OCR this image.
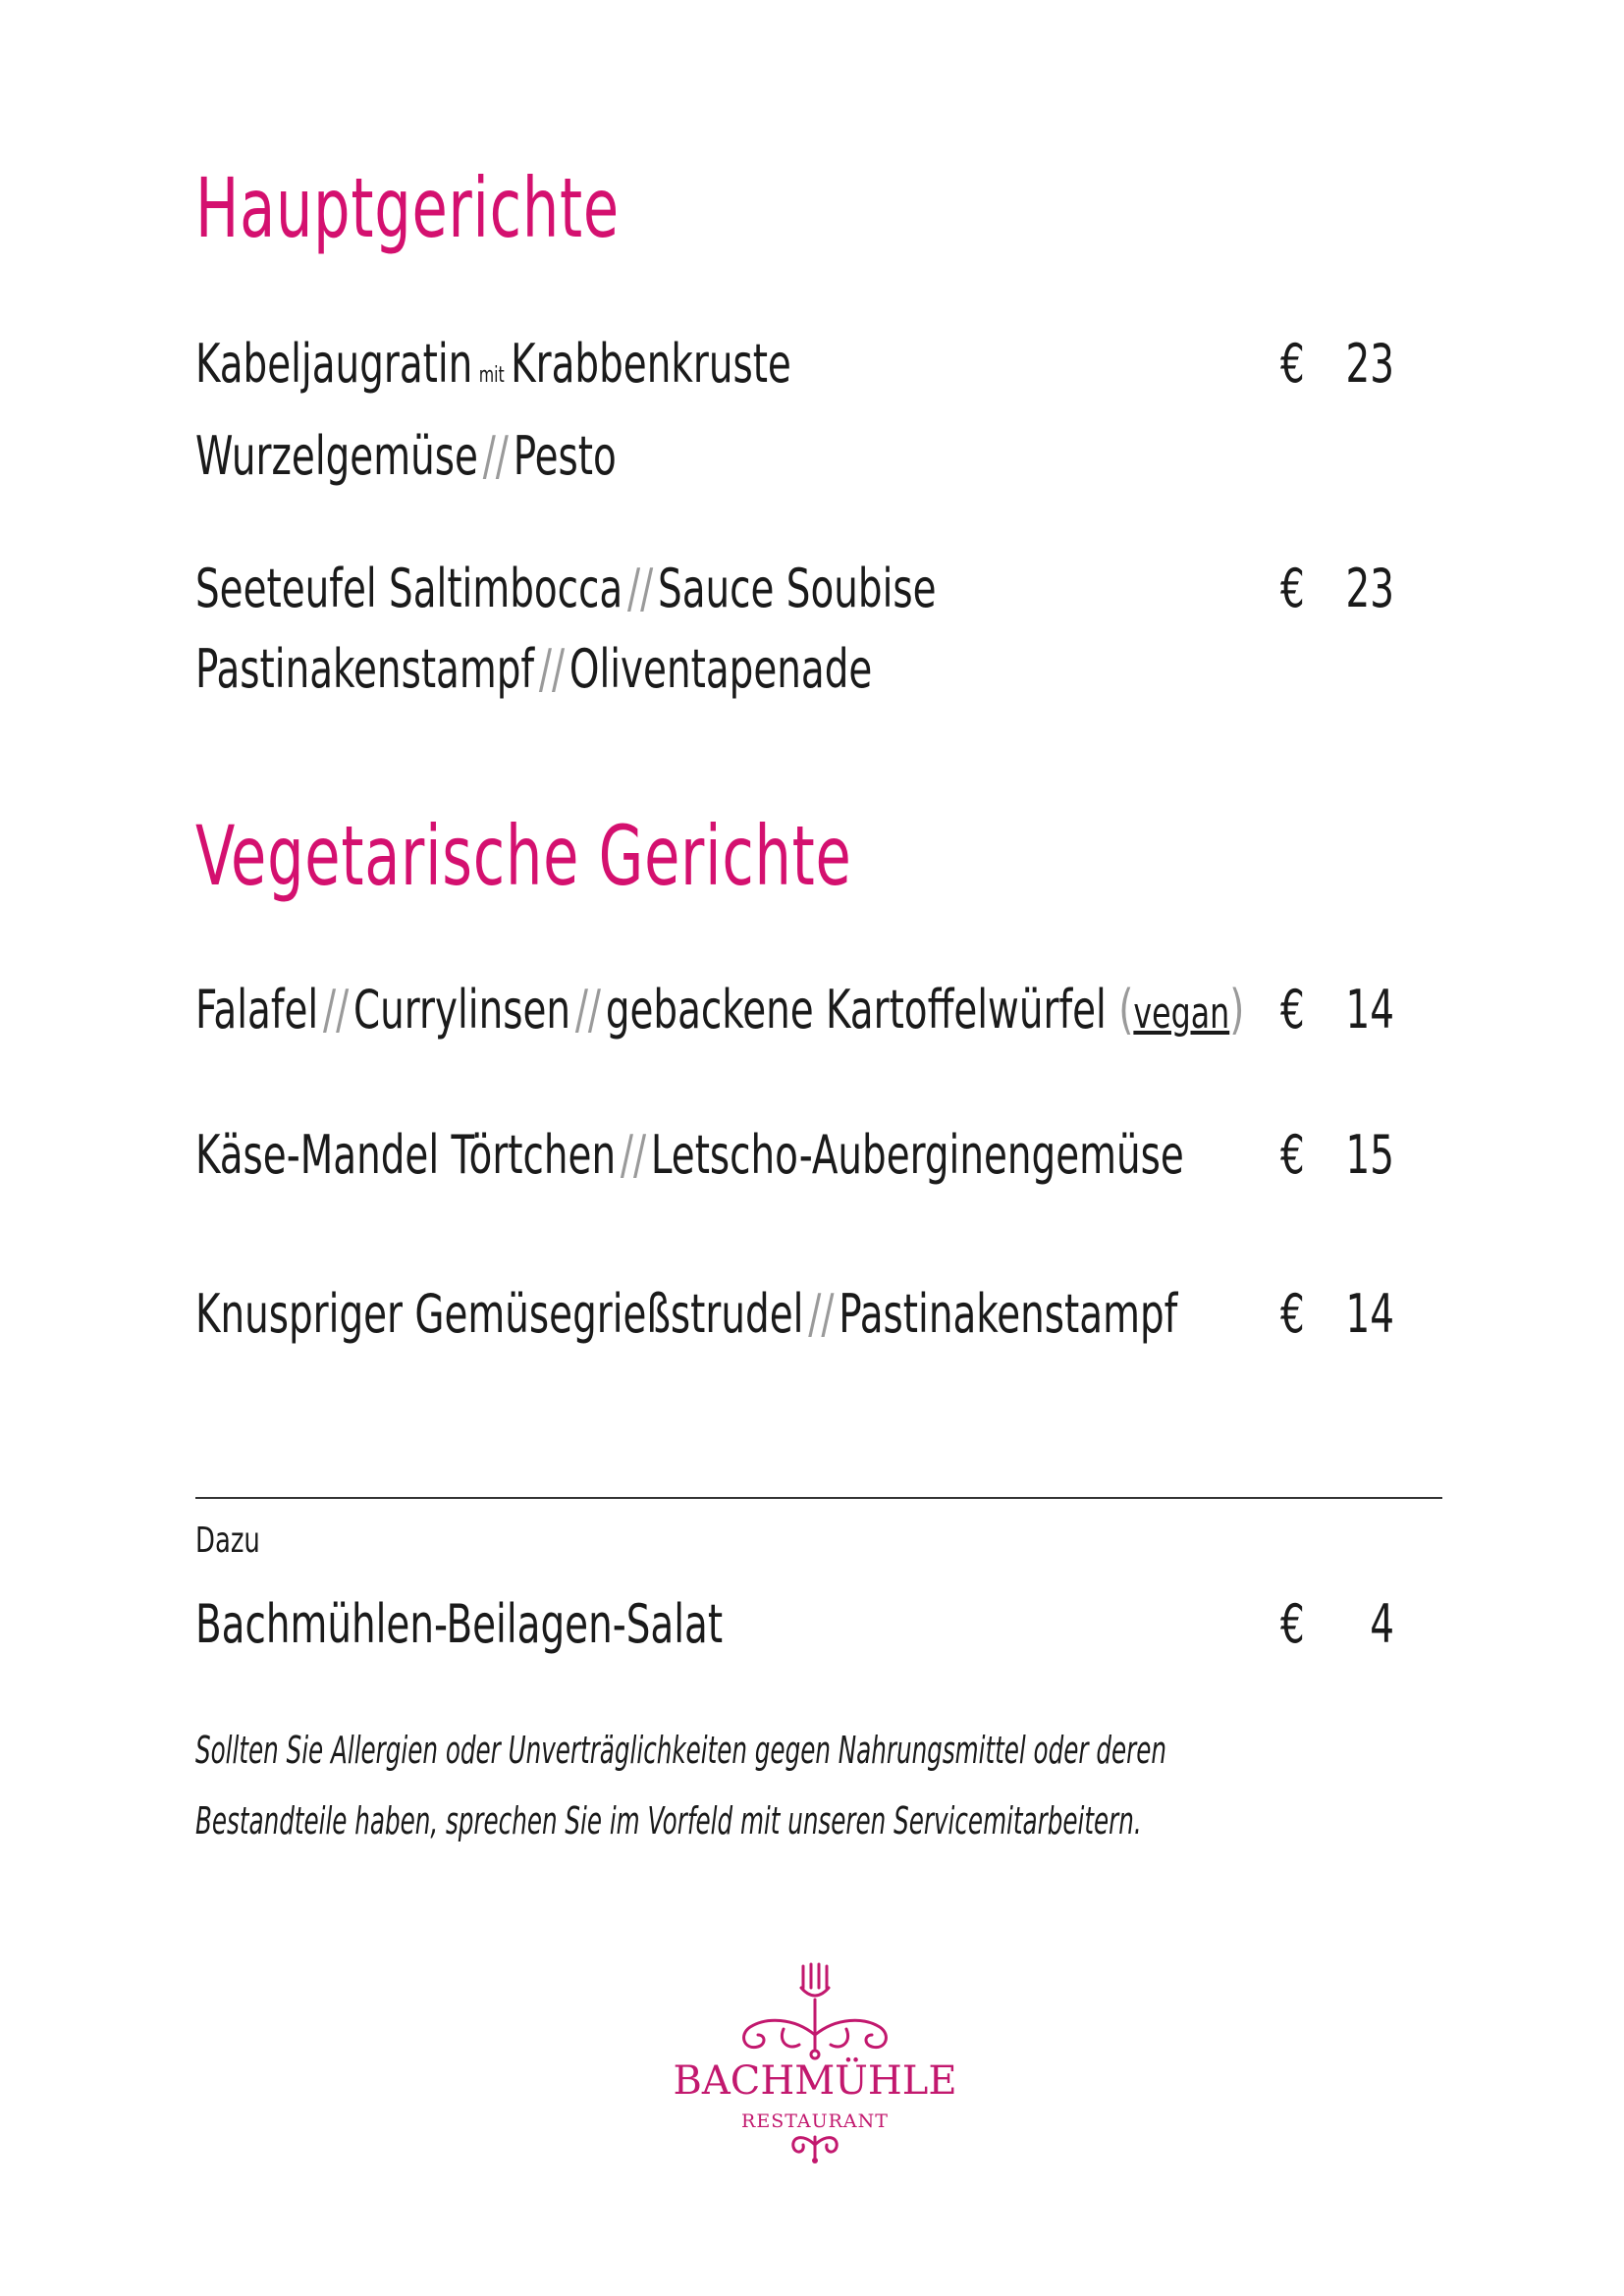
Hauptgerichte
Kabeljaugratin mit Krabbenkruste	€ 23
Wurzelgemüse//Pesto
Seeteufel Saltimbocca//Sauce Soubise	€ 23
Pastinakenstampf//Oliventapenade
Vegetarische Gerichte
Falafel//Currylinsen//gebackene Kartoffelwürfel (vegan) € 14
Käse-Mandel Törtchen//Letscho-Auberginengemüse € 15
Knuspriger Gemüsegrießstrudel//Pastinakenstampf € 14
Dazu
Bachmühlen-Beilagen-Salat	€	4
Sollten Sie Allergien oder Unverträglichkeiten gegen Nahrungsmittel oder deren
Bestandteile haben, sprechen Sie im Vorfeld mit unseren Servicemitarbeitern.
BACHMÜHLE
RESTAURANT
